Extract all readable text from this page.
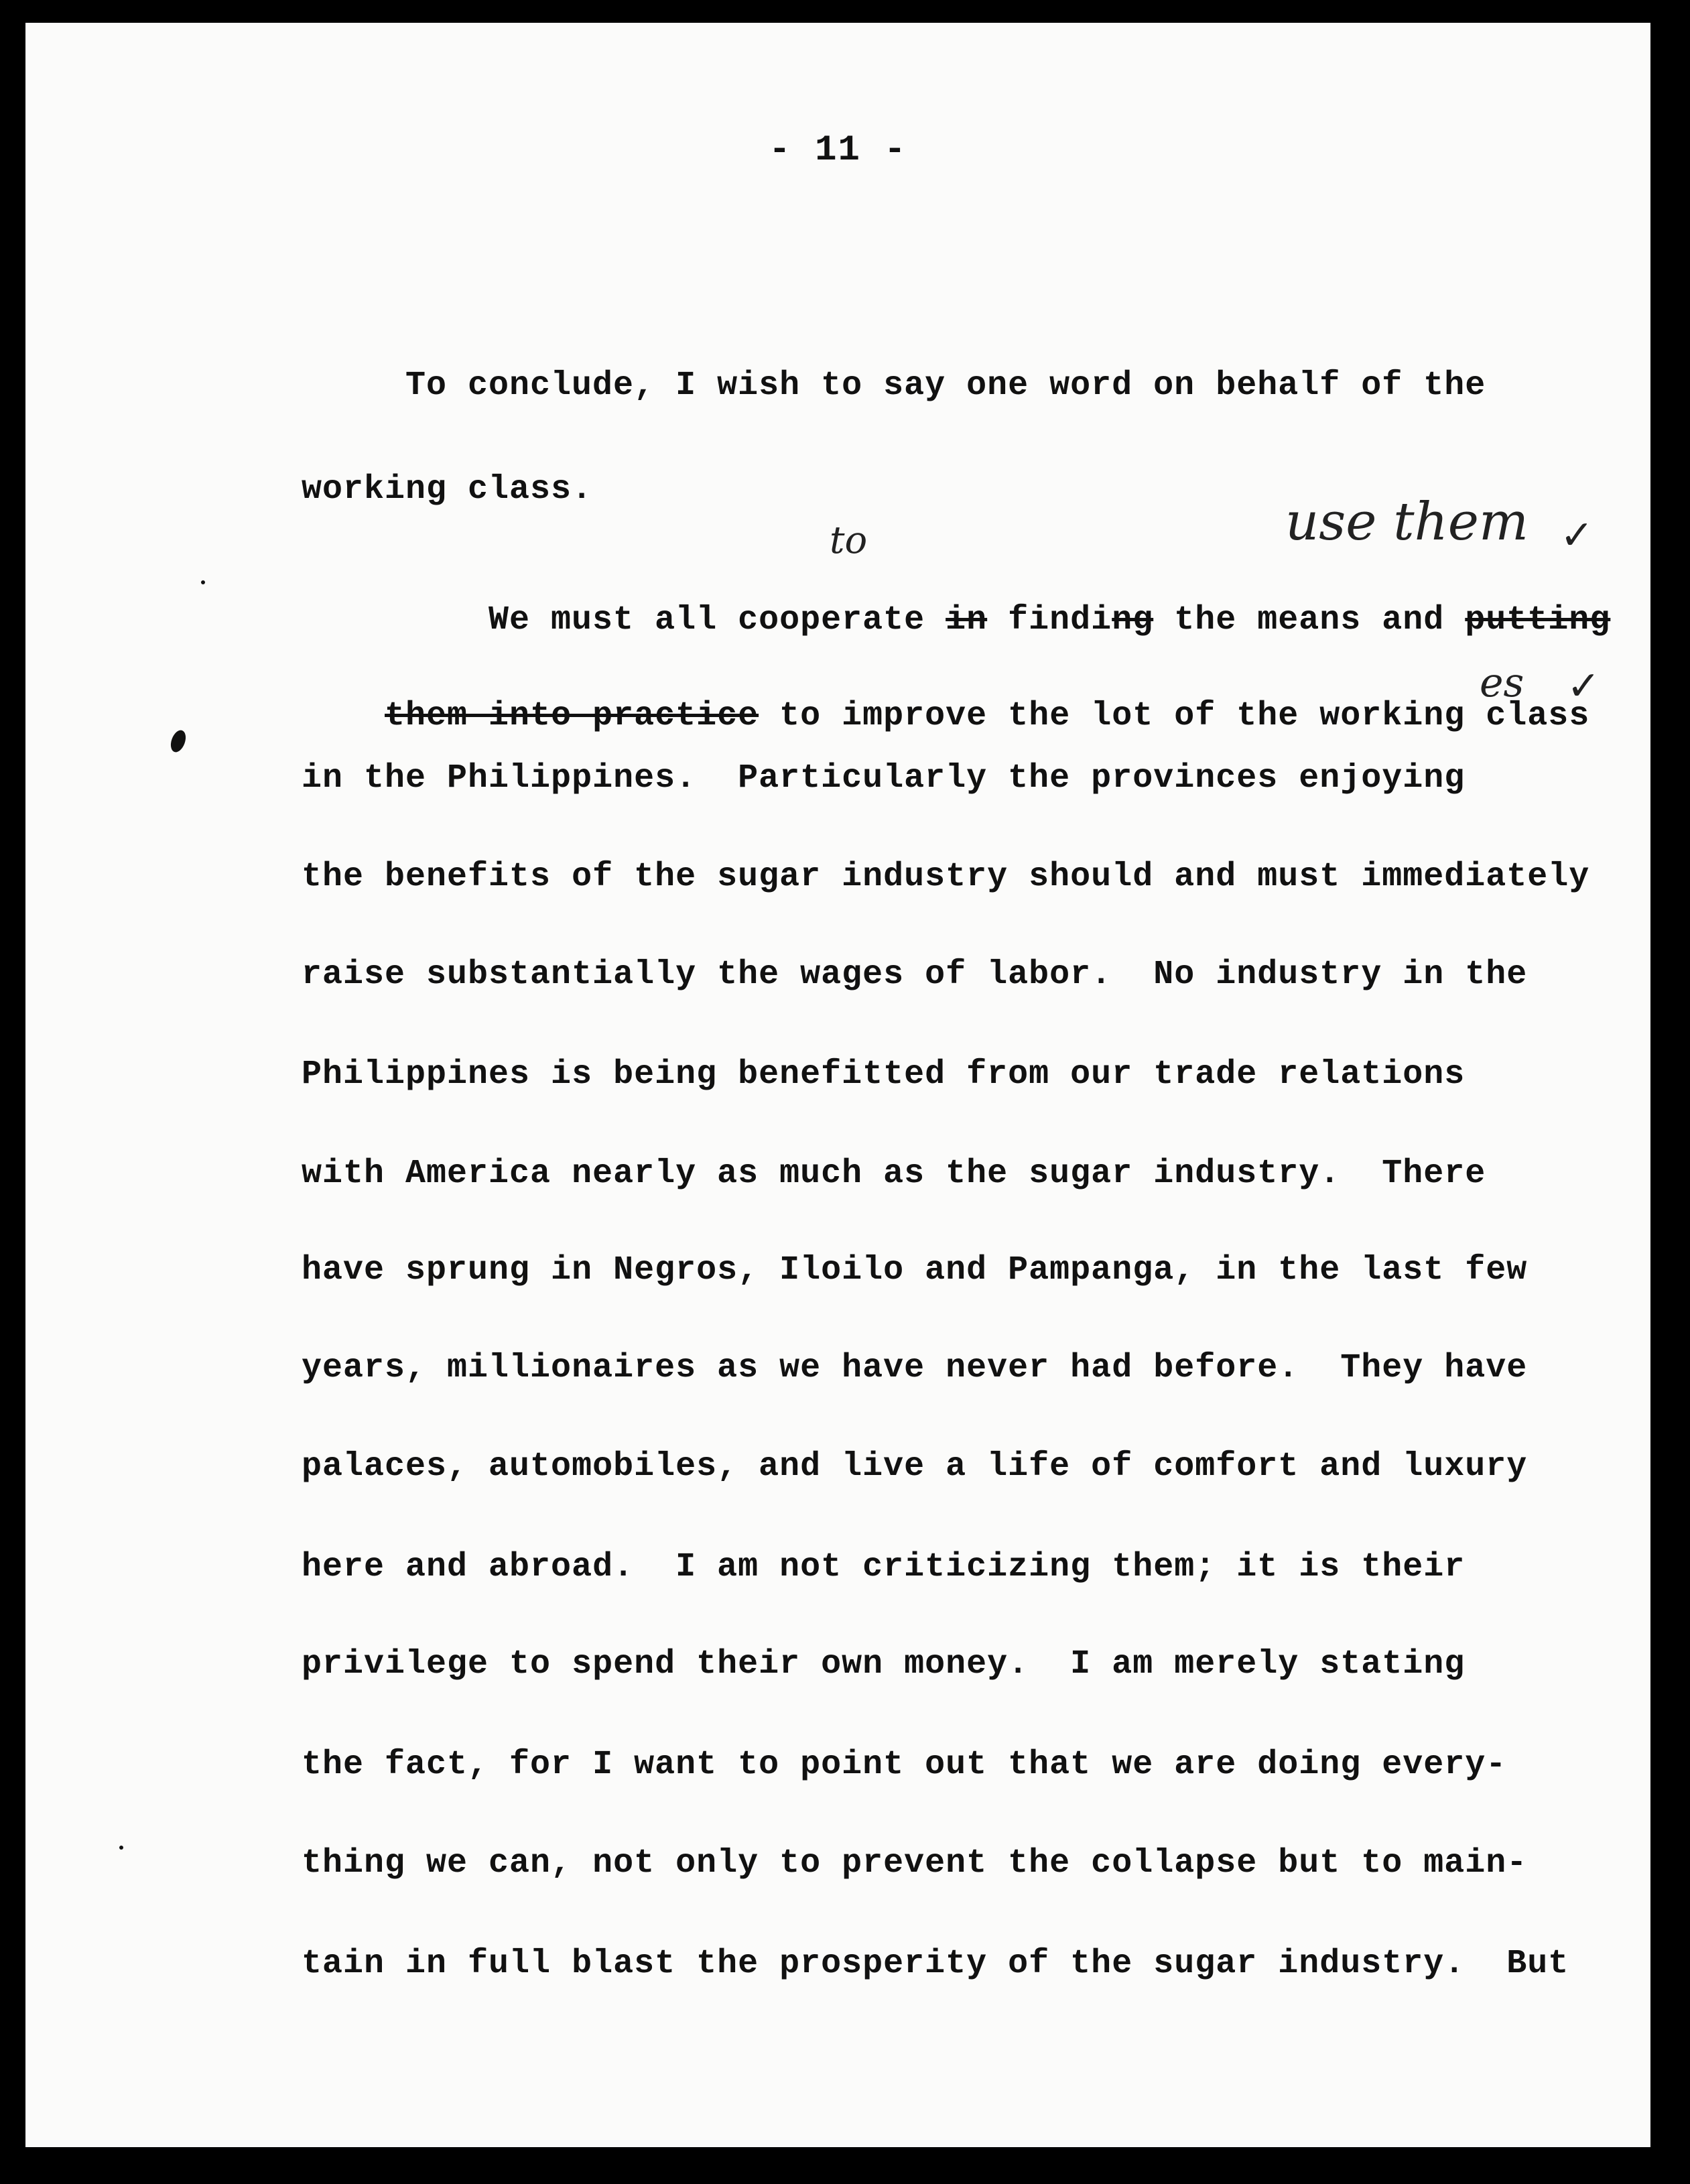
- 11 -
To conclude, I wish to say one word on behalf of the
working class.

We must all cooperate in finding the means and putting

to	use them ✓

them into practice to improve the lot of the working class

es ✓
in the Philippines.  Particularly the provinces enjoying
the benefits of the sugar industry should and must immediately
raise substantially the wages of labor.  No industry in the
Philippines is being benefitted from our trade relations
with America nearly as much as the sugar industry.  There
have sprung in Negros, Iloilo and Pampanga, in the last few
years, millionaires as we have never had before.  They have
palaces, automobiles, and live a life of comfort and luxury
here and abroad.  I am not criticizing them; it is their
privilege to spend their own money.  I am merely stating
the fact, for I want to point out that we are doing every-
thing we can, not only to prevent the collapse but to main-
tain in full blast the prosperity of the sugar industry.  But
